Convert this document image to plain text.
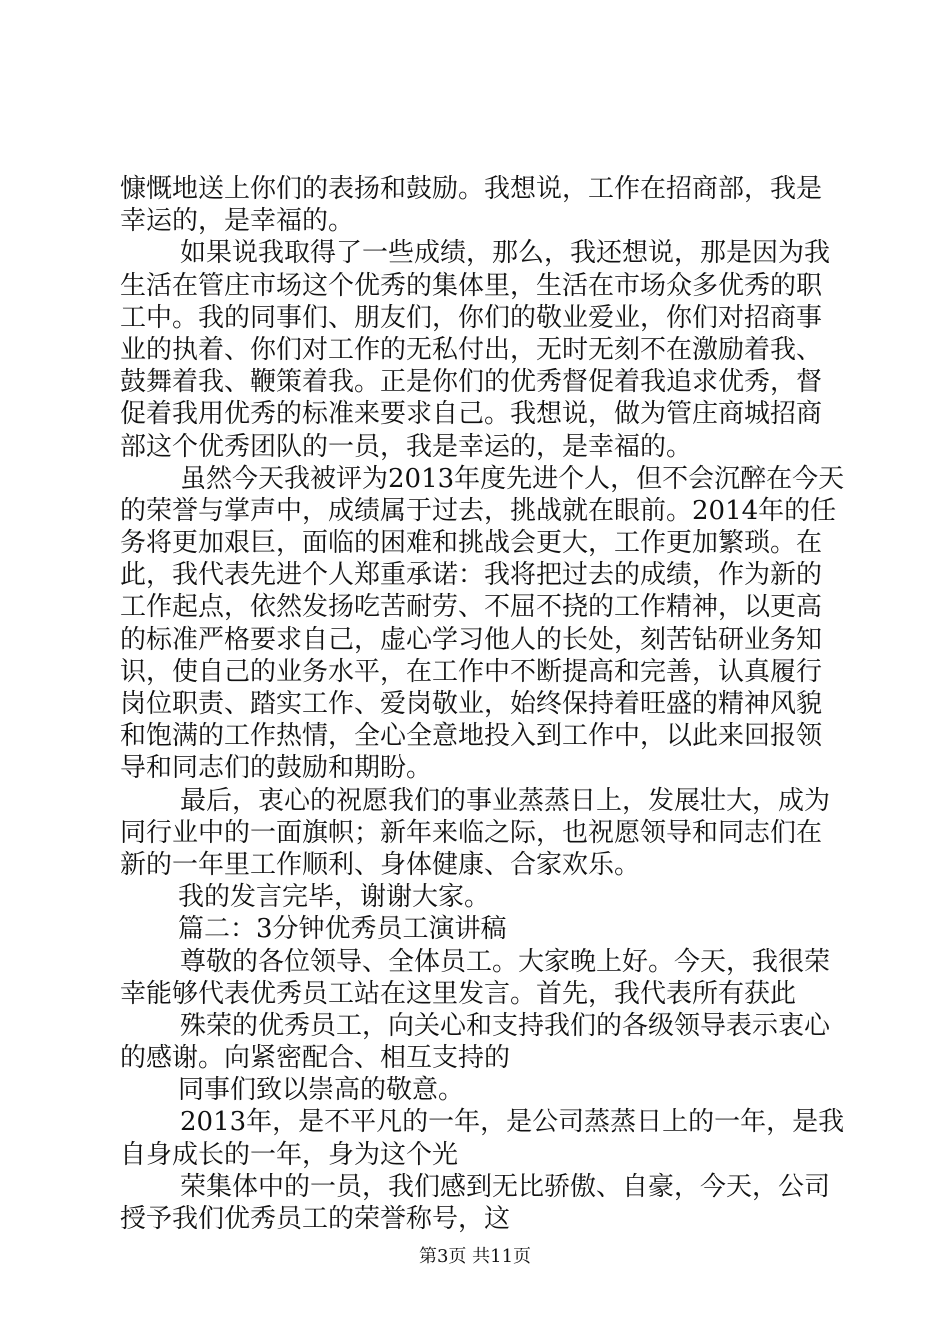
慷慨地送上你们的表扬和鼓励。我想说，工作在招商部，我是
幸运的，是幸福的。
如果说我取得了一些成绩，那么，我还想说，那是因为我
生活在管庄市场这个优秀的集体里，生活在市场众多优秀的职
工中。我的同事们、朋友们，你们的敬业爱业，你们对招商事
业的执着、你们对工作的无私付出，无时无刻不在激励着我、
鼓舞着我、鞭策着我。正是你们的优秀督促着我追求优秀，督
促着我用优秀的标准来要求自己。我想说，做为管庄商城招商
部这个优秀团队的一员，我是幸运的，是幸福的。
虽然今天我被评为2013年度先进个人，但不会沉醉在今天
的荣誉与掌声中，成绩属于过去，挑战就在眼前。2014年的任
务将更加艰巨，面临的困难和挑战会更大，工作更加繁琐。在
此，我代表先进个人郑重承诺：我将把过去的成绩，作为新的
工作起点，依然发扬吃苦耐劳、不屈不挠的工作精神，以更高
的标准严格要求自己，虚心学习他人的长处，刻苦钻研业务知
识，使自己的业务水平，在工作中不断提高和完善，认真履行
岗位职责、踏实工作、爱岗敬业，始终保持着旺盛的精神风貌
和饱满的工作热情，全心全意地投入到工作中，以此来回报领
导和同志们的鼓励和期盼。
最后，衷心的祝愿我们的事业蒸蒸日上，发展壮大，成为
同行业中的一面旗帜；新年来临之际，也祝愿领导和同志们在
新的一年里工作顺利、身体健康、合家欢乐。
我的发言完毕，谢谢大家。
篇二：3分钟优秀员工演讲稿
尊敬的各位领导、全体员工。大家晚上好。今天，我很荣
幸能够代表优秀员工站在这里发言。首先，我代表所有获此
殊荣的优秀员工，向关心和支持我们的各级领导表示衷心
的感谢。向紧密配合、相互支持的
同事们致以崇高的敬意。
2013年，是不平凡的一年，是公司蒸蒸日上的一年，是我
自身成长的一年，身为这个光
荣集体中的一员，我们感到无比骄傲、自豪，今天，公司
授予我们优秀员工的荣誉称号，这
第3页 共11页
